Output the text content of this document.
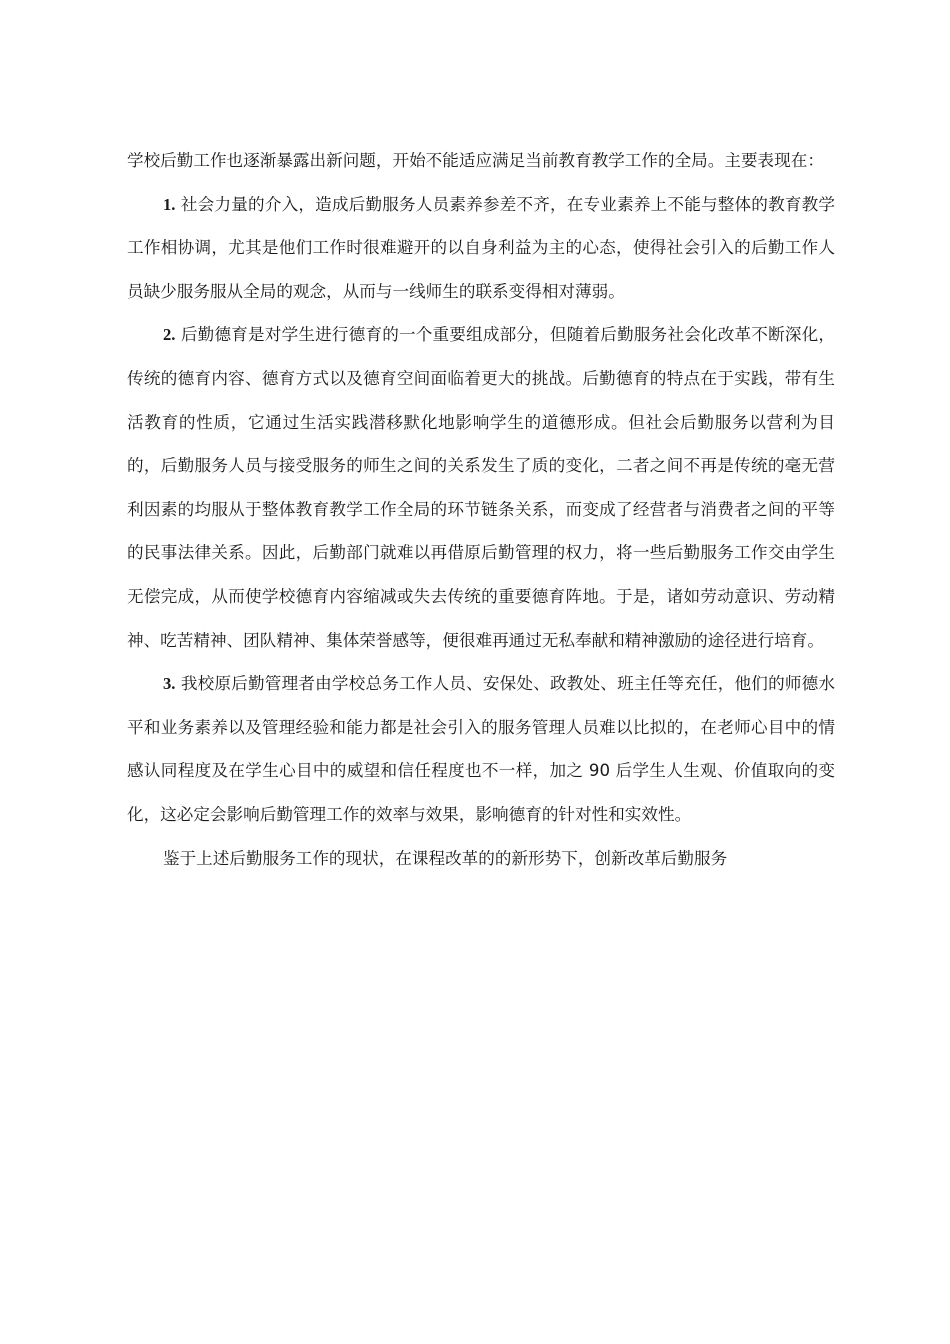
学校后勤工作也逐渐暴露出新问题，开始不能适应满足当前教育教学工作的全局。主要表现在：

1. 社会力量的介入，造成后勤服务人员素养参差不齐，在专业素养上不能与整体的教育教学工作相协调，尤其是他们工作时很难避开的以自身利益为主的心态，使得社会引入的后勤工作人员缺少服务服从全局的观念，从而与一线师生的联系变得相对薄弱。

2. 后勤德育是对学生进行德育的一个重要组成部分，但随着后勤服务社会化改革不断深化，传统的德育内容、德育方式以及德育空间面临着更大的挑战。后勤德育的特点在于实践，带有生活教育的性质，它通过生活实践潜移默化地影响学生的道德形成。但社会后勤服务以营利为目的，后勤服务人员与接受服务的师生之间的关系发生了质的变化，二者之间不再是传统的毫无营利因素的均服从于整体教育教学工作全局的环节链条关系，而变成了经营者与消费者之间的平等的民事法律关系。因此，后勤部门就难以再借原后勤管理的权力，将一些后勤服务工作交由学生无偿完成，从而使学校德育内容缩减或失去传统的重要德育阵地。于是，诸如劳动意识、劳动精神、吃苦精神、团队精神、集体荣誉感等，便很难再通过无私奉献和精神激励的途径进行培育。

3. 我校原后勤管理者由学校总务工作人员、安保处、政教处、班主任等充任，他们的师德水平和业务素养以及管理经验和能力都是社会引入的服务管理人员难以比拟的，在老师心目中的情感认同程度及在学生心目中的威望和信任程度也不一样，加之 90 后学生人生观、价值取向的变化，这必定会影响后勤管理工作的效率与效果，影响德育的针对性和实效性。

鉴于上述后勤服务工作的现状，在课程改革的的新形势下，创新改革后勤服务
